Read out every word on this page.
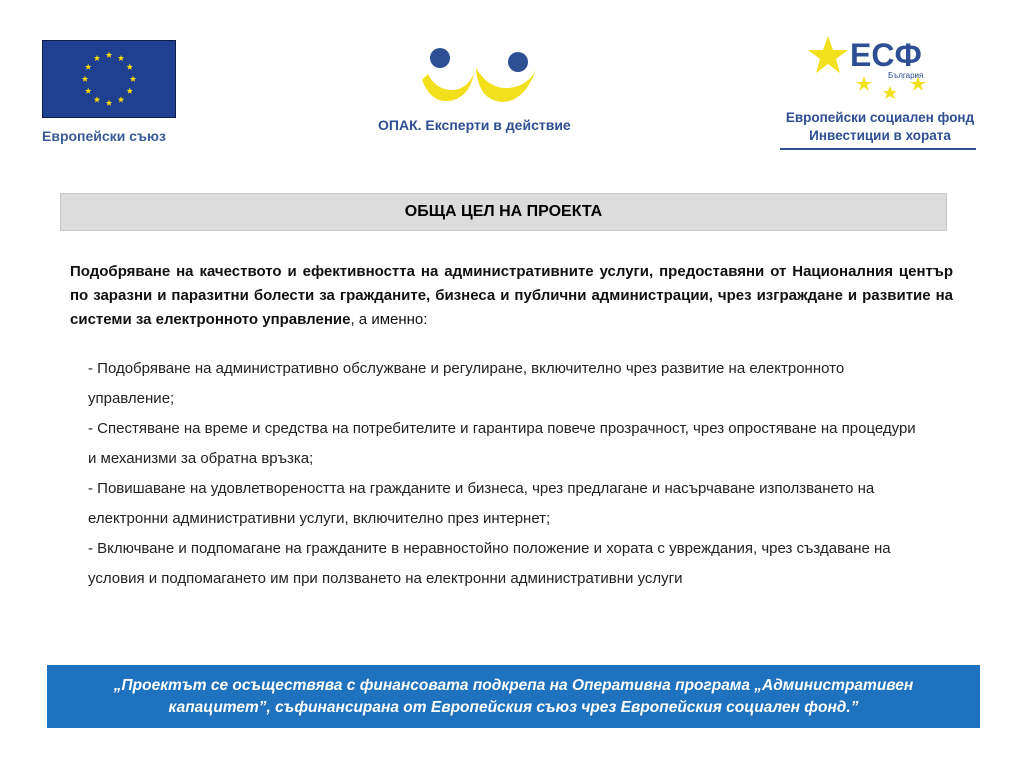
Европейски съюз
ОПАК. Експерти в действие
ЕСФ
България
Европейски социален фонд
Инвестиции в хората
ОБЩА ЦЕЛ НА ПРОЕКТА
Подобряване на качеството и ефективността на административните услуги, предоставяни от Националния център по заразни и паразитни болести за гражданите, бизнеса и публични администрации, чрез изграждане и развитие на системи за електронното управление, а именно:

- Подобряване на административно обслужване и регулиране, включително чрез развитие на електронното управление;

- Спестяване на време и средства на потребителите и гарантира повече прозрачност, чрез опростяване на процедури и механизми за обратна връзка;

- Повишаване на удовлетвореността на гражданите и бизнеса, чрез предлагане и насърчаване използването на електронни административни услуги, включително през интернет;

- Включване и подпомагане на гражданите в неравностойно положение и хората с увреждания, чрез създаване на условия и подпомагането им при ползването на електронни административни услуги

„Проектът се осъществява с финансовата подкрепа на Оперативна програма „Административен
капацитет”, съфинансирана от Европейския съюз чрез Европейския социален фонд.”
